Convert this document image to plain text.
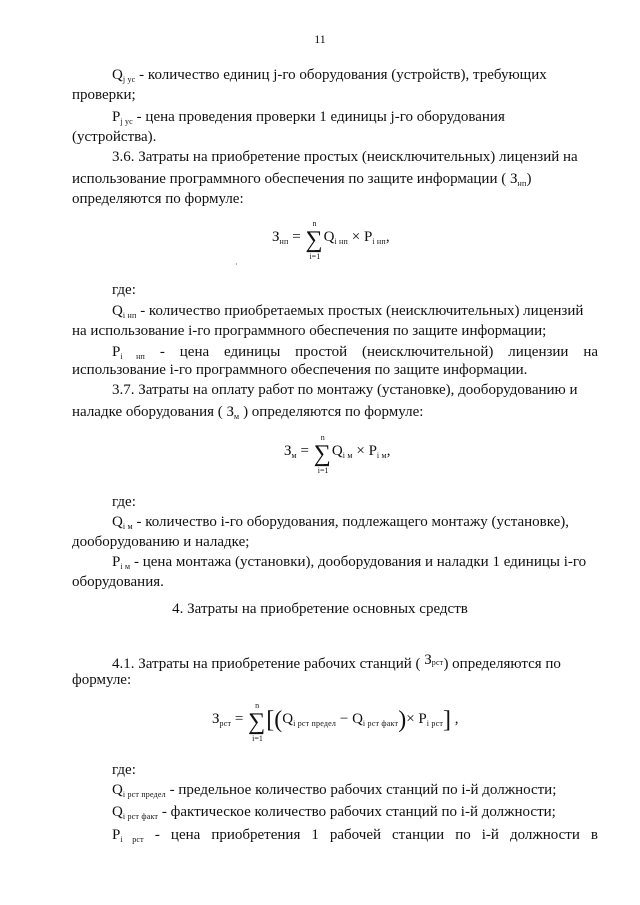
11
$Q_{j ус}$ - количество единиц j-го оборудования (устройств), требующих
проверки;
$P_{j ус}$ - цена проведения проверки 1 единицы j-го оборудования
(устройства).
3.6. Затраты на приобретение простых (неисключительных) лицензий на
использование программного обеспечения по защите информации ( $З_{нп}$)
определяются по формуле:
$З_{нп}$ = ∑
n
i=1
$Q_{i нп} \times P_{i нп}$,
·
где:
$Q_{i нп}$ - количество приобретаемых простых (неисключительных) лицензий
на использование i-го программного обеспечения по защите информации;
$P_{i нп}$ - цена единицы простой (неисключительной) лицензии на
использование i-го программного обеспечения по защите информации.
3.7. Затраты на оплату работ по монтажу (установке), дооборудованию и
наладке оборудования ( $З_м$ ) определяются по формуле:
$З_м$ = ∑
n
i=1
$Q_{i м} \times P_{i м}$,
где:
$Q_{i м}$ - количество i-го оборудования, подлежащего монтажу (установке),
дооборудованию и наладке;
$P_{i м}$ - цена монтажа (установки), дооборудования и наладки 1 единицы i-го
оборудования.
4. Затраты на приобретение основных средств
4.1. Затраты на приобретение рабочих станций ( $З^{рст}$) определяются по
формуле:
$З_{рст}$ = ∑
n
i=1
$[(Q_{i рст предел} - Q_{i рст факт})\times P_{i рст}]$ ,
где:
$Q_{i рст предел}$ - предельное количество рабочих станций по i-й должности;
$Q_{i рст факт}$ - фактическое количество рабочих станций по i-й должности;
$P_{i рст}$ - цена приобретения 1 рабочей станции по i-й должности в
